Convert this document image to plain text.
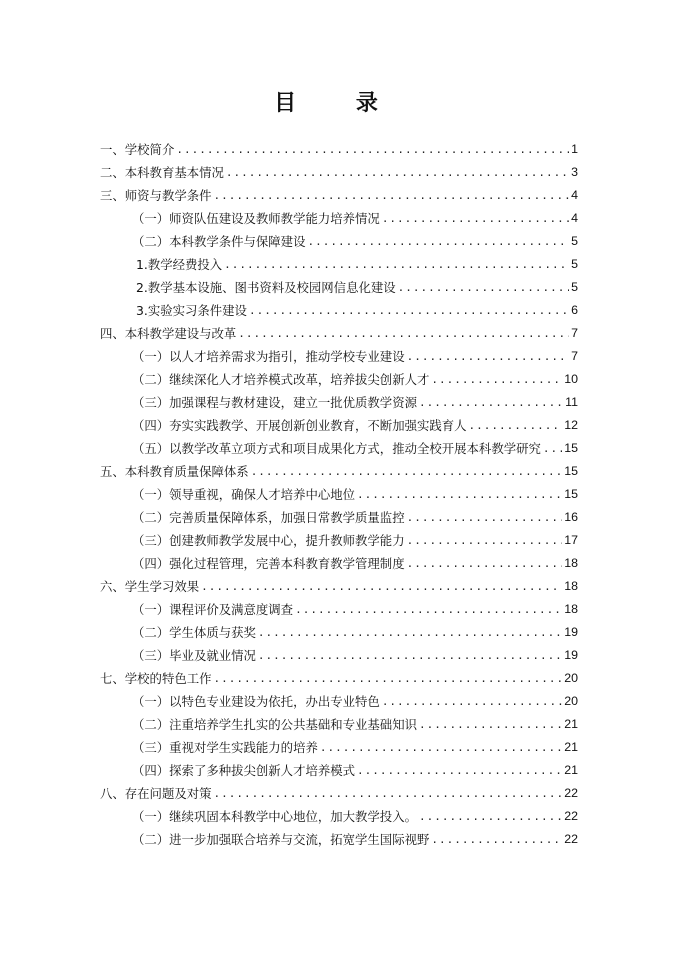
目 录
一、学校简介 .....	1
二、本科教育基本情况 .....	3
三、师资与教学条件 .....	4
（一）师资队伍建设及教师教学能力培养情况 .....	4
（二）本科教学条件与保障建设 .....	5
1.教学经费投入 .....	5
2.教学基本设施、图书资料及校园网信息化建设 .....	5
3.实验实习条件建设 .....	6
四、本科教学建设与改革 .....	7
（一）以人才培养需求为指引，推动学校专业建设 .....	7
（二）继续深化人才培养模式改革，培养拔尖创新人才 .....	10
（三）加强课程与教材建设，建立一批优质教学资源 .....	11
（四）夯实实践教学、开展创新创业教育，不断加强实践育人 .....	12
（五）以教学改革立项方式和项目成果化方式，推动全校开展本科教学研究 ..... 15
五、本科教育质量保障体系 .....	15
（一）领导重视，确保人才培养中心地位 .....	15
（二）完善质量保障体系，加强日常教学质量监控 .....	16
（三）创建教师教学发展中心，提升教师教学能力 .....	17
（四）强化过程管理，完善本科教育教学管理制度 .....	18
六、学生学习效果 .....	18
（一）课程评价及满意度调查 .....	18
（二）学生体质与获奖 .....	19
（三）毕业及就业情况 .....	19
七、学校的特色工作 .....	20
（一）以特色专业建设为依托，办出专业特色 .....	20
（二）注重培养学生扎实的公共基础和专业基础知识 .....	21
（三）重视对学生实践能力的培养 .....	21
（四）探索了多种拔尖创新人才培养模式 .....	21
八、存在问题及对策 .....	22
（一）继续巩固本科教学中心地位，加大教学投入。 .....	22
（二）进一步加强联合培养与交流，拓宽学生国际视野 .....	22
